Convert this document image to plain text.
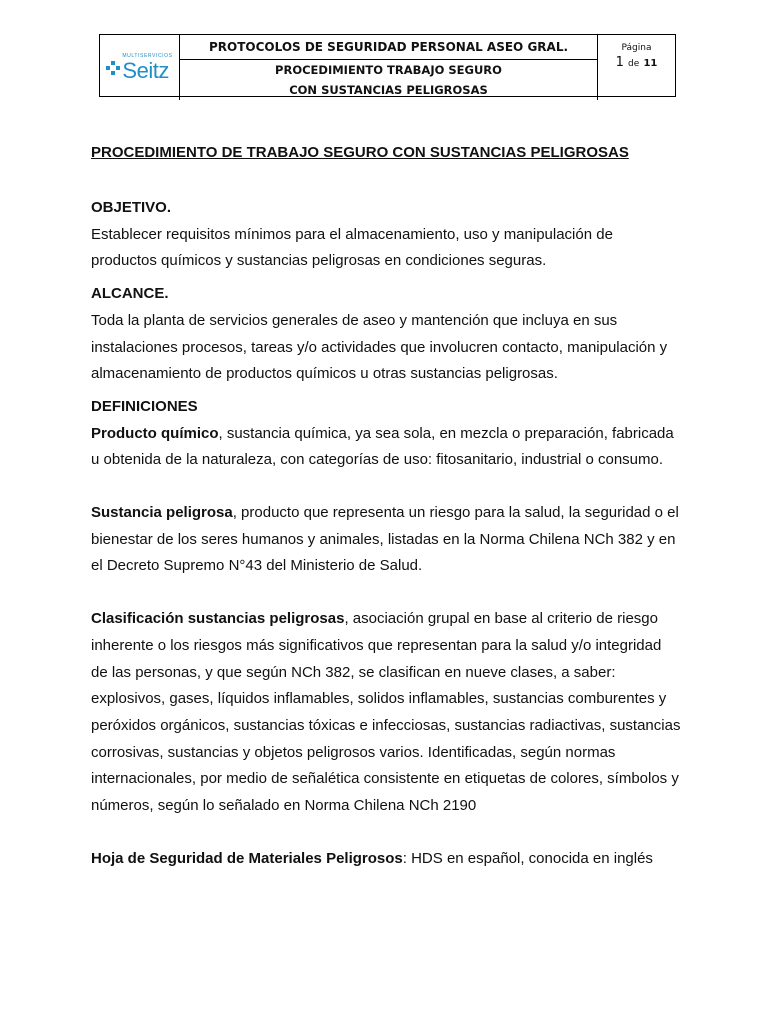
MULTISERVICIOS
Seitz
PROTOCOLOS DE SEGURIDAD PERSONAL ASEO GRAL.
PROCEDIMIENTO TRABAJO SEGURO
CON SUSTANCIAS PELIGROSAS
Página
1 de 11

PROCEDIMIENTO DE TRABAJO SEGURO CON SUSTANCIAS PELIGROSAS

OBJETIVO.

Establecer requisitos mínimos para el almacenamiento, uso y manipulación de

productos químicos y sustancias peligrosas en condiciones seguras.

ALCANCE.

Toda la planta de servicios generales de aseo y mantención que incluya en sus

instalaciones procesos, tareas y/o actividades que involucren contacto, manipulación y

almacenamiento de productos químicos u otras sustancias peligrosas.

DEFINICIONES

Producto químico, sustancia química, ya sea sola, en mezcla o preparación, fabricada

u obtenida de la naturaleza, con categorías de uso: fitosanitario, industrial o consumo.

Sustancia peligrosa, producto que representa un riesgo para la salud, la seguridad o el

bienestar de los seres humanos y animales, listadas en la Norma Chilena NCh 382 y en

el Decreto Supremo N°43 del Ministerio de Salud.

Clasificación sustancias peligrosas, asociación grupal en base al criterio de riesgo

inherente o los riesgos más significativos que representan para la salud y/o integridad

de las personas, y que según NCh 382, se clasifican en nueve clases, a saber:

explosivos, gases, líquidos inflamables, solidos inflamables, sustancias comburentes y

peróxidos orgánicos, sustancias tóxicas e infecciosas, sustancias radiactivas, sustancias

corrosivas, sustancias y objetos peligrosos varios. Identificadas, según normas

internacionales, por medio de señalética consistente en etiquetas de colores, símbolos y

números, según lo señalado en Norma Chilena NCh 2190

Hoja de Seguridad de Materiales Peligrosos: HDS en español, conocida en inglés
